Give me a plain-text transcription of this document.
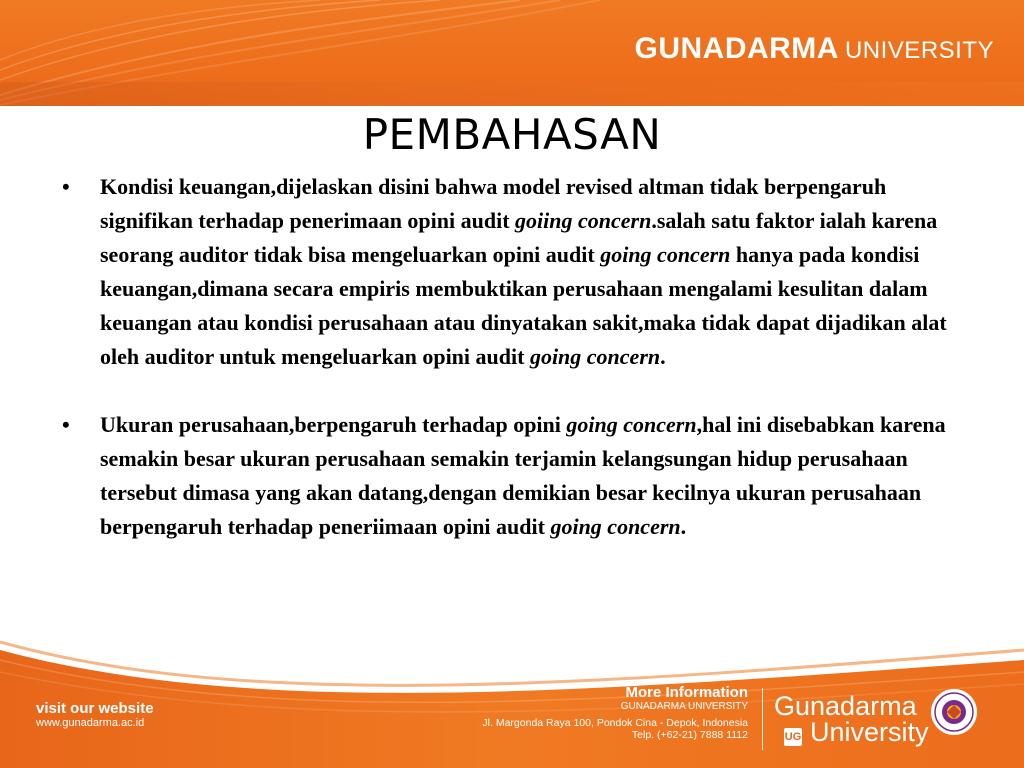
GUNADARMA UNIVERSITY
PEMBAHASAN
• Kondisi keuangan,dijelaskan disini bahwa model revised altman tidak berpengaruh signifikan terhadap penerimaan opini audit goiing concern.salah satu faktor ialah karena seorang auditor tidak bisa mengeluarkan opini audit going concern hanya pada kondisi keuangan,dimana secara empiris membuktikan perusahaan mengalami kesulitan dalam keuangan atau kondisi perusahaan atau dinyatakan sakit,maka tidak dapat dijadikan alat oleh auditor untuk mengeluarkan opini audit going concern.
• Ukuran perusahaan,berpengaruh terhadap opini going concern,hal ini disebabkan karena semakin besar ukuran perusahaan semakin terjamin kelangsungan hidup perusahaan tersebut dimasa yang akan datang,dengan demikian besar kecilnya ukuran perusahaan berpengaruh terhadap peneriimaan opini audit going concern.
visit our website
www.gunadarma.ac.id
More Information
GUNADARMA UNIVERSITY
Jl. Margonda Raya 100, Pondok Cina - Depok, Indonesia
Telp. (+62-21) 7888 1112
Gunadarma
University
UG
